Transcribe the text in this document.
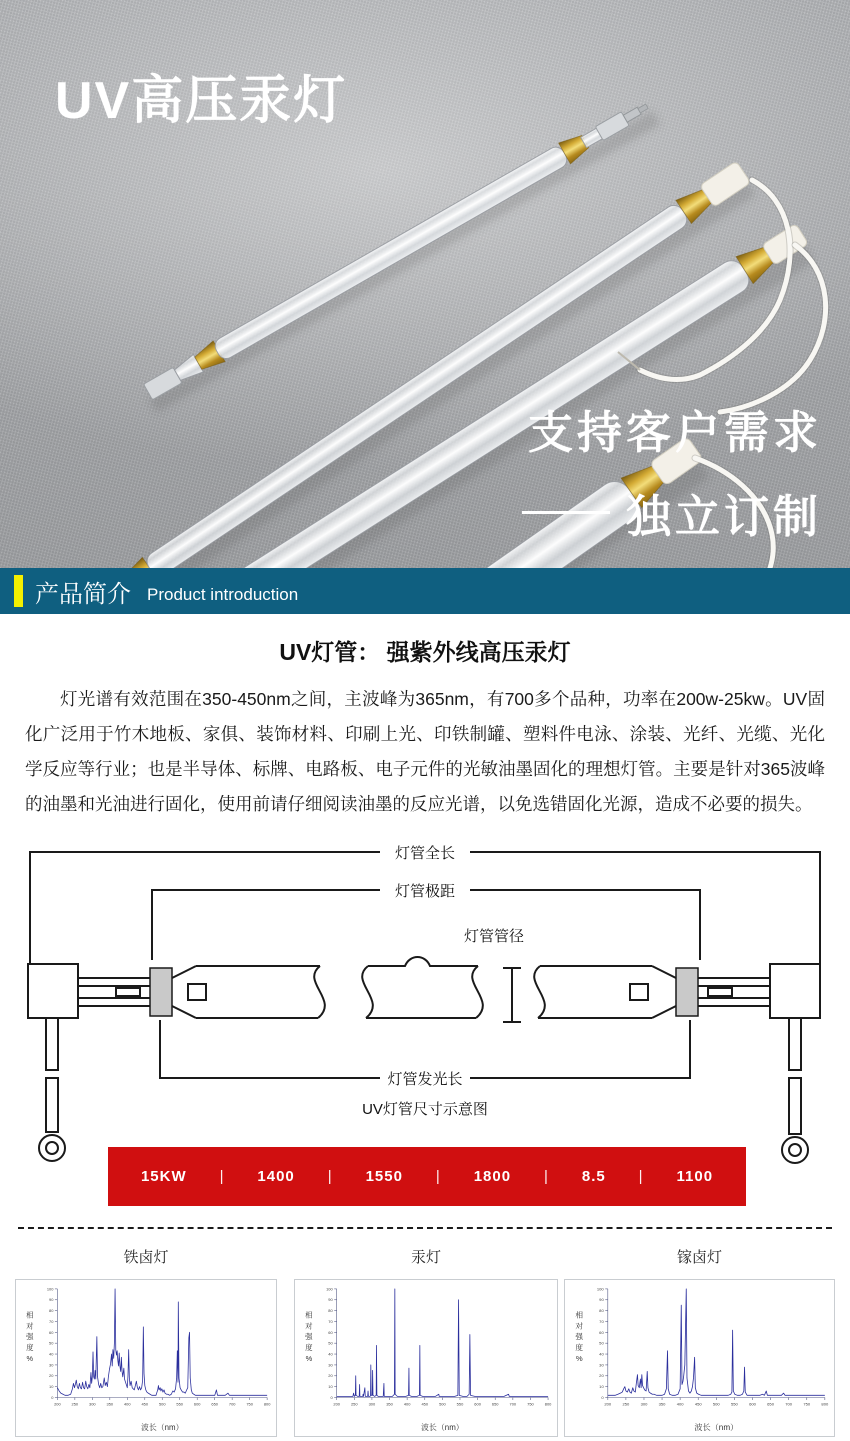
UV高压汞灯
支持客户需求
独立订制
产品简介 Product introduction
UV灯管： 强紫外线高压汞灯
灯光谱有效范围在350-450nm之间，主波峰为365nm，有700多个品种，功率在200w-25kw。UV固化广泛用于竹木地板、家俱、装饰材料、印刷上光、印铁制罐、塑料件电泳、涂装、光纤、光缆、光化学反应等行业；也是半导体、标牌、电路板、电子元件的光敏油墨固化的理想灯管。主要是针对365波峰的油墨和光油进行固化，使用前请仔细阅读油墨的反应光谱，以免选错固化光源，造成不必要的损失。
灯管全长
灯管极距
灯管管径
灯管发光长
UV灯管尺寸示意图
15KW | 1400 | 1550 | 1800 | 8.5 | 1100
铁卤灯	汞灯	镓卤灯
200	250	300	350	400	450	500	550	600	650	700	750	800
0
10
20
30
40
50
60
70
80
90
100
波长（nm）
相
对
强
度
%
200	250	300	350	400	450	500	550	600	650	700	750	800
0
10
20
30
40
50
60
70
80
90
100
波长（nm）
相
对
强
度
%
200	250	300	350	400	450	500	550	600	650	700	750	800
0
10
20
30
40
50
60
70
80
90
100
波长（nm）
相
对
强
度
%
